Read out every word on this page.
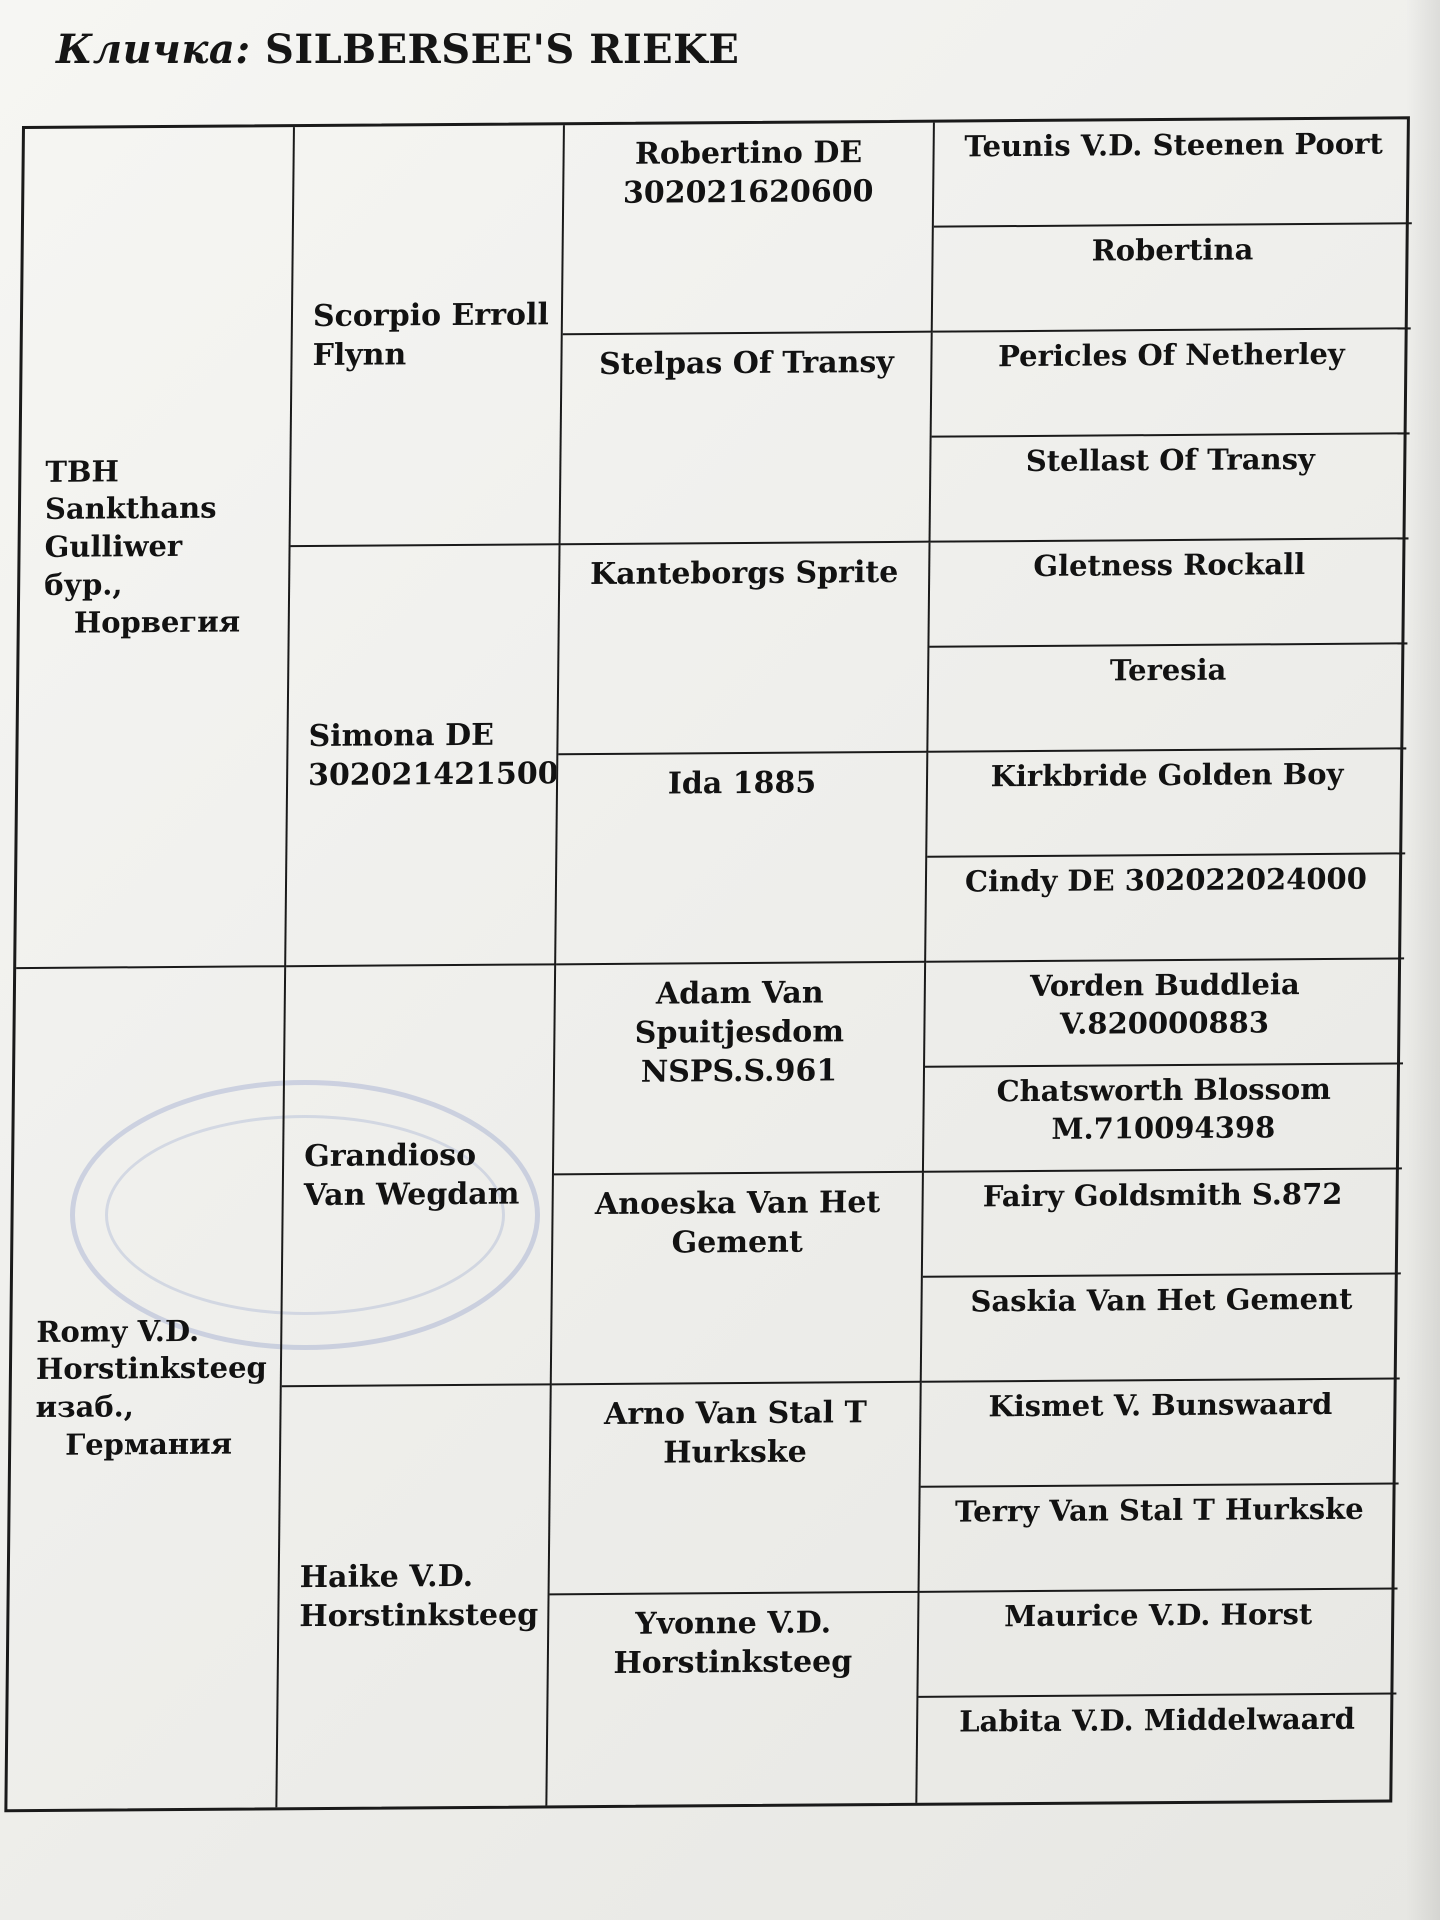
Кличка: SILBERSEE'S RIEKE
TBH Sankthans Gulliwer
бур.,
Норвегия
Romy V.D. Horstinksteeg
изаб.,
Германия
Scorpio Erroll Flynn
Simona DE 302021421500
Grandioso Van Wegdam
Haike V.D. Horstinksteeg
Robertino DE 302021620600
Stelpas Of Transy
Kanteborgs Sprite
Ida 1885
Adam Van Spuitjesdom NSPS.S.961
Anoeska Van Het Gement
Arno Van Stal T Hurkske
Yvonne V.D. Horstinksteeg
Teunis V.D. Steenen Poort
Robertina
Pericles Of Netherley
Stellast Of Transy
Gletness Rockall
Teresia
Kirkbride Golden Boy
Cindy DE 302022024000
Vorden Buddleia V.820000883
Chatsworth Blossom M.710094398
Fairy Goldsmith S.872
Saskia Van Het Gement
Kismet V. Bunswaard
Terry Van Stal T Hurkske
Maurice V.D. Horst
Labita V.D. Middelwaard
